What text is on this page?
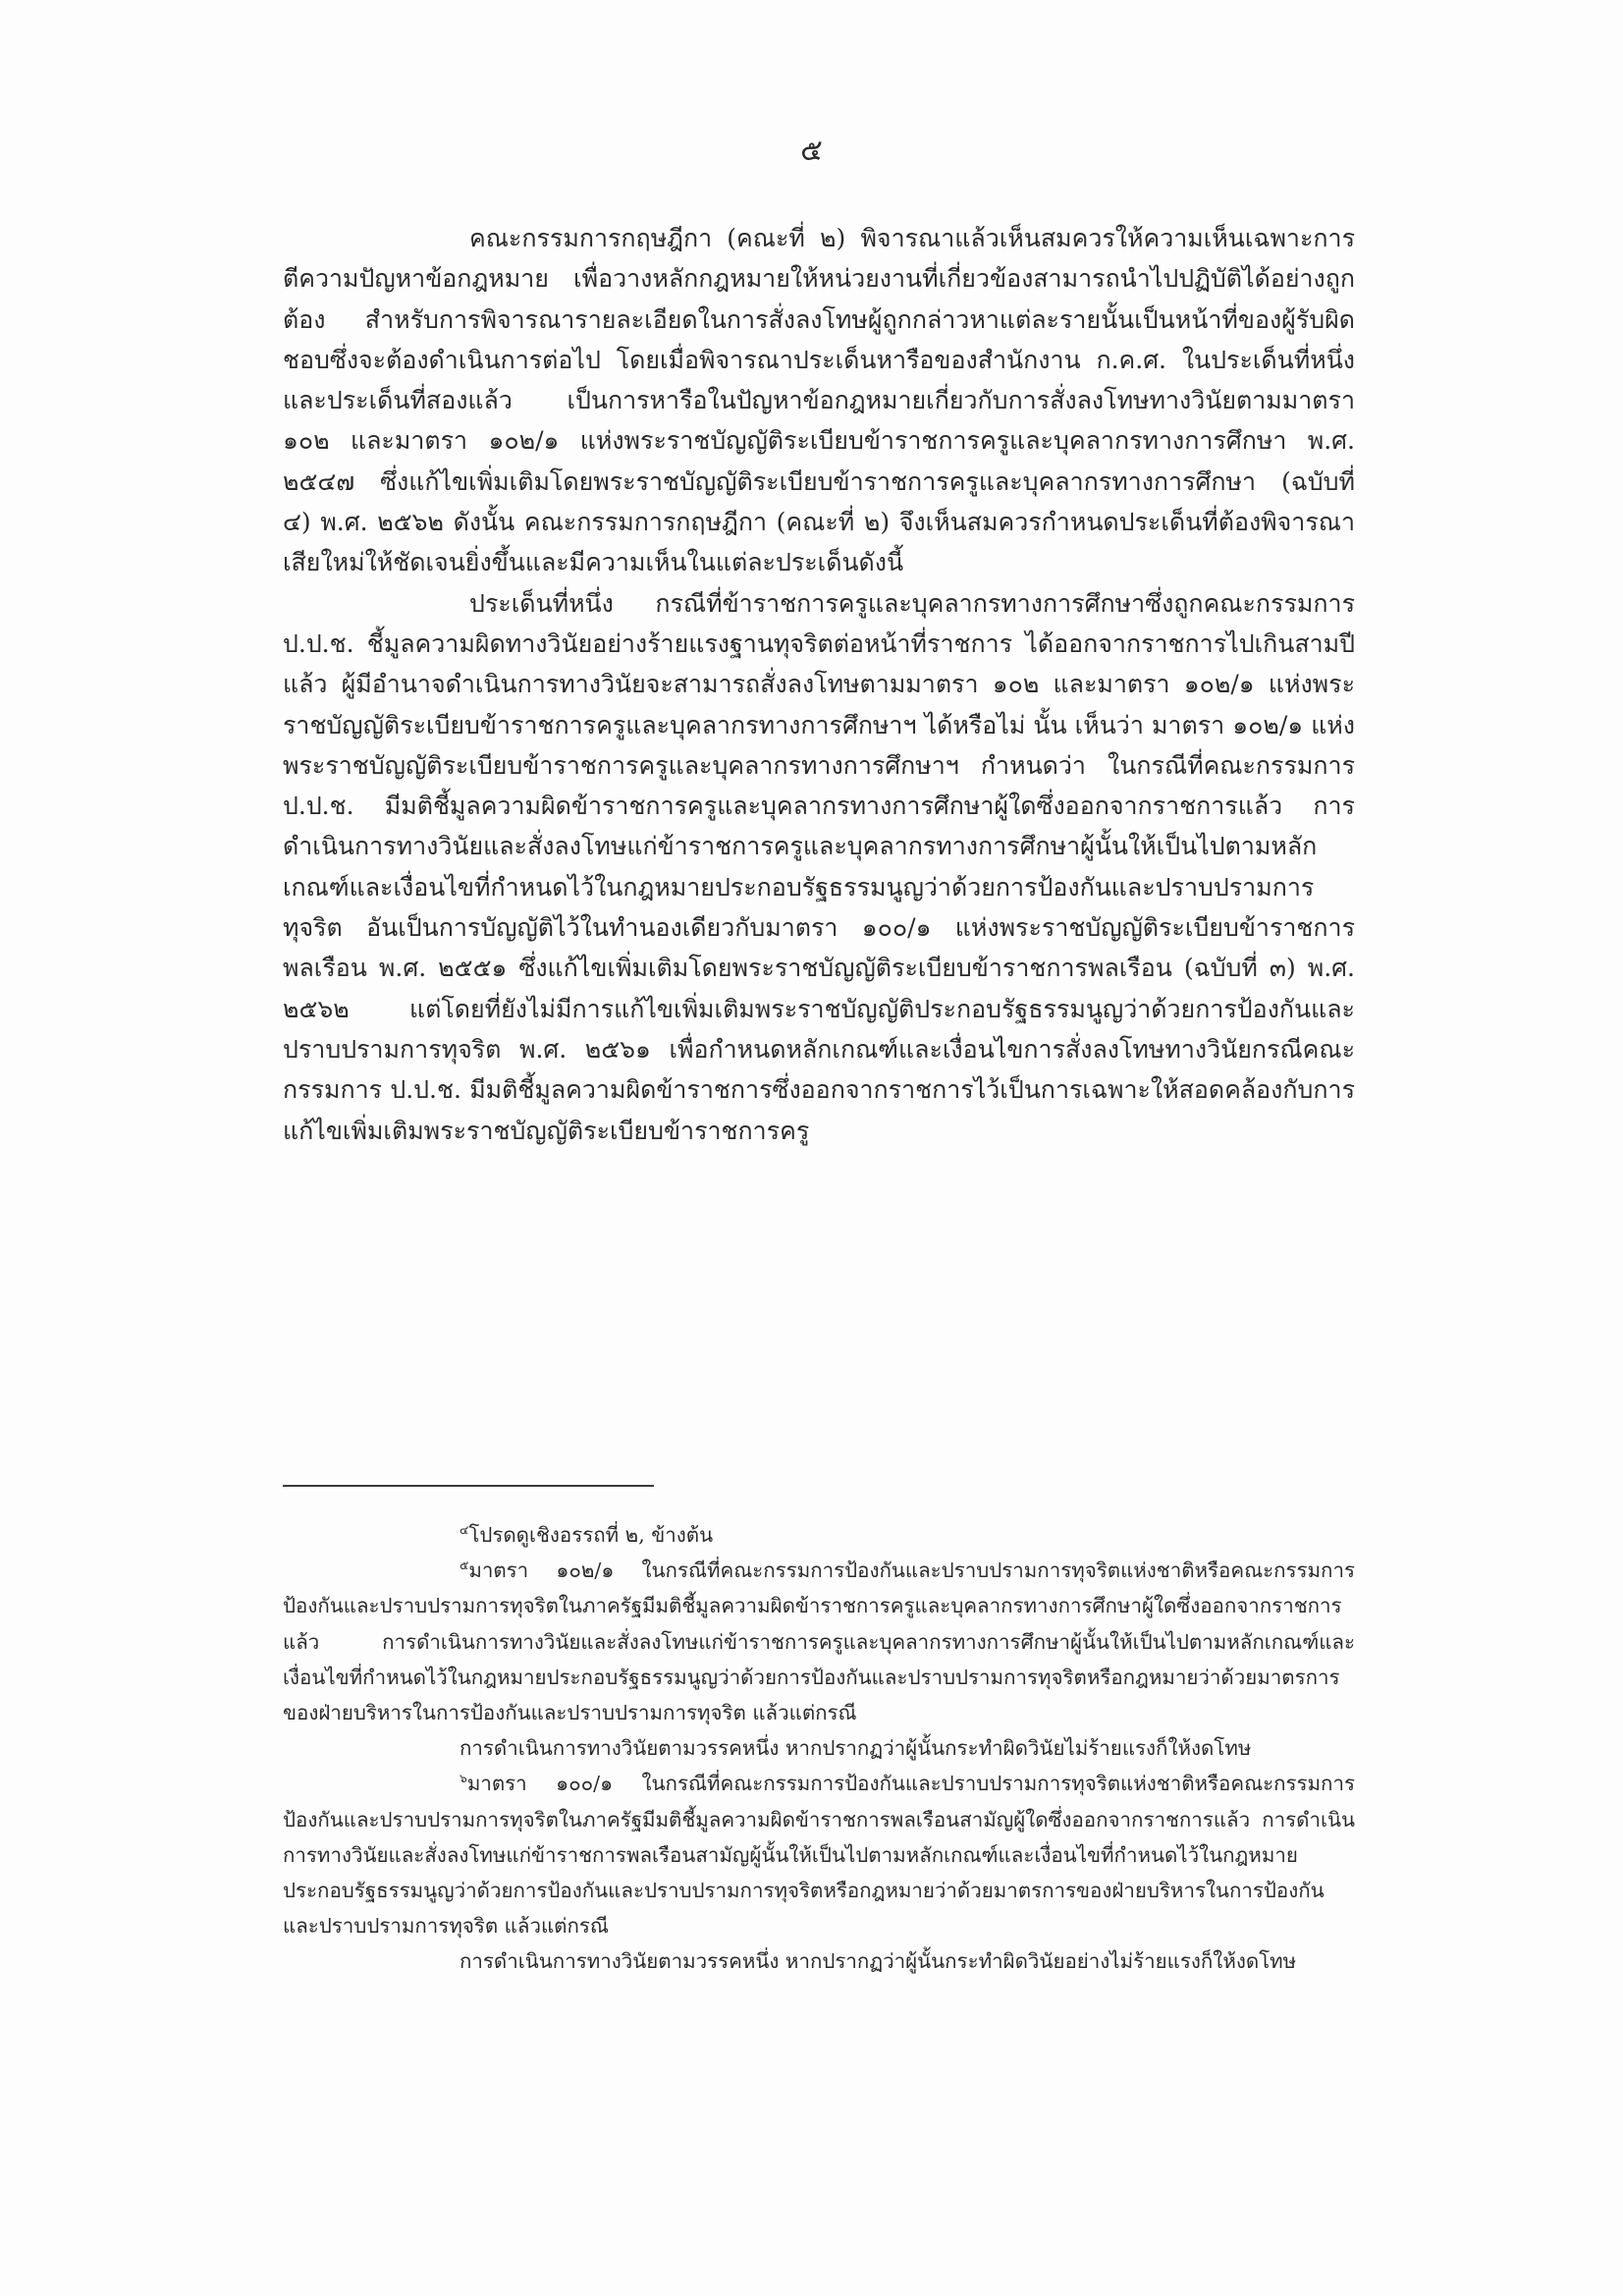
๕

คณะกรรมการกฤษฎีกา (คณะที่ ๒) พิจารณาแล้วเห็นสมควรให้ความเห็นเฉพาะการตีความปัญหาข้อกฎหมาย เพื่อวางหลักกฎหมายให้หน่วยงานที่เกี่ยวข้องสามารถนำไปปฏิบัติได้อย่างถูกต้อง สำหรับการพิจารณารายละเอียดในการสั่งลงโทษผู้ถูกกล่าวหาแต่ละรายนั้นเป็นหน้าที่ของผู้รับผิดชอบซึ่งจะต้องดำเนินการต่อไป โดยเมื่อพิจารณาประเด็นหารือของสำนักงาน ก.ค.ศ. ในประเด็นที่หนึ่งและประเด็นที่สองแล้ว เป็นการหารือในปัญหาข้อกฎหมายเกี่ยวกับการสั่งลงโทษทางวินัยตามมาตรา ๑๐๒ และมาตรา ๑๐๒/๑ แห่งพระราชบัญญัติระเบียบข้าราชการครูและบุคลากรทางการศึกษา พ.ศ. ๒๕๔๗ ซึ่งแก้ไขเพิ่มเติมโดยพระราชบัญญัติระเบียบข้าราชการครูและบุคลากรทางการศึกษา (ฉบับที่ ๔) พ.ศ. ๒๕๖๒ ดังนั้น คณะกรรมการกฤษฎีกา (คณะที่ ๒) จึงเห็นสมควรกำหนดประเด็นที่ต้องพิจารณาเสียใหม่ให้ชัดเจนยิ่งขึ้นและมีความเห็นในแต่ละประเด็นดังนี้

ประเด็นที่หนึ่ง กรณีที่ข้าราชการครูและบุคลากรทางการศึกษาซึ่งถูกคณะกรรมการ ป.ป.ช. ชี้มูลความผิดทางวินัยอย่างร้ายแรงฐานทุจริตต่อหน้าที่ราชการ ได้ออกจากราชการไปเกินสามปีแล้ว ผู้มีอำนาจดำเนินการทางวินัยจะสามารถสั่งลงโทษตามมาตรา ๑๐๒ และมาตรา ๑๐๒/๑ แห่งพระราชบัญญัติระเบียบข้าราชการครูและบุคลากรทางการศึกษาฯ ได้หรือไม่ นั้น เห็นว่า มาตรา ๑๐๒/๑ แห่งพระราชบัญญัติระเบียบข้าราชการครูและบุคลากรทางการศึกษาฯ กำหนดว่า ในกรณีที่คณะกรรมการ ป.ป.ช. มีมติชี้มูลความผิดข้าราชการครูและบุคลากรทางการศึกษาผู้ใดซึ่งออกจากราชการแล้ว การดำเนินการทางวินัยและสั่งลงโทษแก่ข้าราชการครูและบุคลากรทางการศึกษาผู้นั้นให้เป็นไปตามหลักเกณฑ์และเงื่อนไขที่กำหนดไว้ในกฎหมายประกอบรัฐธรรมนูญว่าด้วยการป้องกันและปราบปรามการทุจริต อันเป็นการบัญญัติไว้ในทำนองเดียวกับมาตรา ๑๐๐/๑ แห่งพระราชบัญญัติระเบียบข้าราชการพลเรือน พ.ศ. ๒๕๕๑ ซึ่งแก้ไขเพิ่มเติมโดยพระราชบัญญัติระเบียบข้าราชการพลเรือน (ฉบับที่ ๓) พ.ศ. ๒๕๖๒ แต่โดยที่ยังไม่มีการแก้ไขเพิ่มเติมพระราชบัญญัติประกอบรัฐธรรมนูญว่าด้วยการป้องกันและปราบปรามการทุจริต พ.ศ. ๒๕๖๑ เพื่อกำหนดหลักเกณฑ์และเงื่อนไขการสั่งลงโทษทางวินัยกรณีคณะกรรมการ ป.ป.ช. มีมติชี้มูลความผิดข้าราชการซึ่งออกจากราชการไว้เป็นการเฉพาะให้สอดคล้องกับการแก้ไขเพิ่มเติมพระราชบัญญัติระเบียบข้าราชการครู

$^๔$โปรดดูเชิงอรรถที่ ๒, ข้างต้น

$^๕$มาตรา ๑๐๒/๑ ในกรณีที่คณะกรรมการป้องกันและปราบปรามการทุจริตแห่งชาติหรือคณะกรรมการป้องกันและปราบปรามการทุจริตในภาครัฐมีมติชี้มูลความผิดข้าราชการครูและบุคลากรทางการศึกษาผู้ใดซึ่งออกจากราชการแล้ว การดำเนินการทางวินัยและสั่งลงโทษแก่ข้าราชการครูและบุคลากรทางการศึกษาผู้นั้นให้เป็นไปตามหลักเกณฑ์และเงื่อนไขที่กำหนดไว้ในกฎหมายประกอบรัฐธรรมนูญว่าด้วยการป้องกันและปราบปรามการทุจริตหรือกฎหมายว่าด้วยมาตรการของฝ่ายบริหารในการป้องกันและปราบปรามการทุจริต แล้วแต่กรณี

การดำเนินการทางวินัยตามวรรคหนึ่ง หากปรากฏว่าผู้นั้นกระทำผิดวินัยไม่ร้ายแรงก็ให้งดโทษ

$^๖$มาตรา ๑๐๐/๑ ในกรณีที่คณะกรรมการป้องกันและปราบปรามการทุจริตแห่งชาติหรือคณะกรรมการป้องกันและปราบปรามการทุจริตในภาครัฐมีมติชี้มูลความผิดข้าราชการพลเรือนสามัญผู้ใดซึ่งออกจากราชการแล้ว การดำเนินการทางวินัยและสั่งลงโทษแก่ข้าราชการพลเรือนสามัญผู้นั้นให้เป็นไปตามหลักเกณฑ์และเงื่อนไขที่กำหนดไว้ในกฎหมายประกอบรัฐธรรมนูญว่าด้วยการป้องกันและปราบปรามการทุจริตหรือกฎหมายว่าด้วยมาตรการของฝ่ายบริหารในการป้องกันและปราบปรามการทุจริต แล้วแต่กรณี

การดำเนินการทางวินัยตามวรรคหนึ่ง หากปรากฏว่าผู้นั้นกระทำผิดวินัยอย่างไม่ร้ายแรงก็ให้งดโทษ
